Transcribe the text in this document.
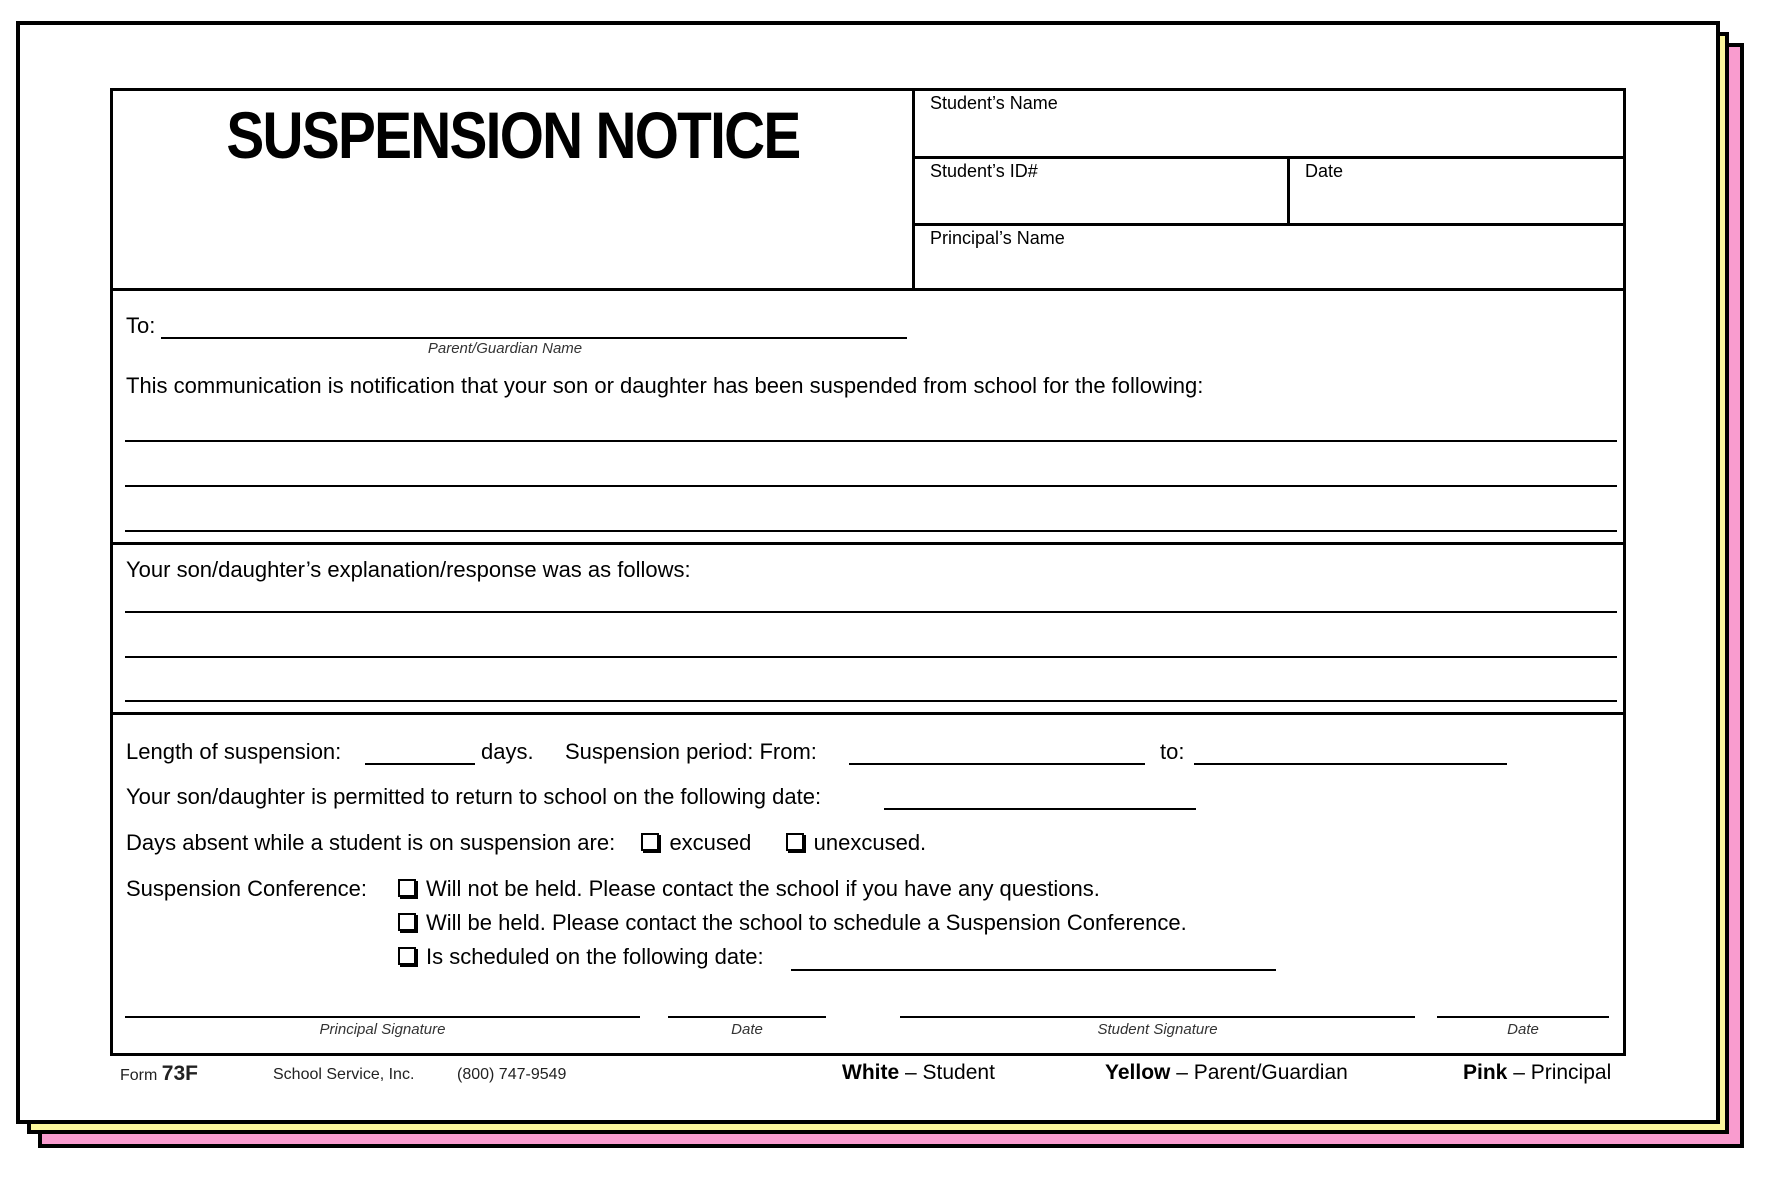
SUSPENSION NOTICE	Student’s Name
Student’s ID#	Date
Principal’s Name
To:
Parent/Guardian Name
This communication is notification that your son or daughter has been suspended from school for the following:
Your son/daughter’s explanation/response was as follows:
Length of suspension:	days. Suspension period: From:	to:
Your son/daughter is permitted to return to school on the following date:
Days absent while a student is on suspension are: excused	unexcused.
Suspension Conference:	Will not be held. Please contact the school if you have any questions.
Will be held. Please contact the school to schedule a Suspension Conference.
Is scheduled on the following date:
Principal Signature	Date	Student Signature	Date
Form 73F	School Service, Inc.	(800) 747-9549	White – Student	Yellow – Parent/Guardian	Pink – Principal
